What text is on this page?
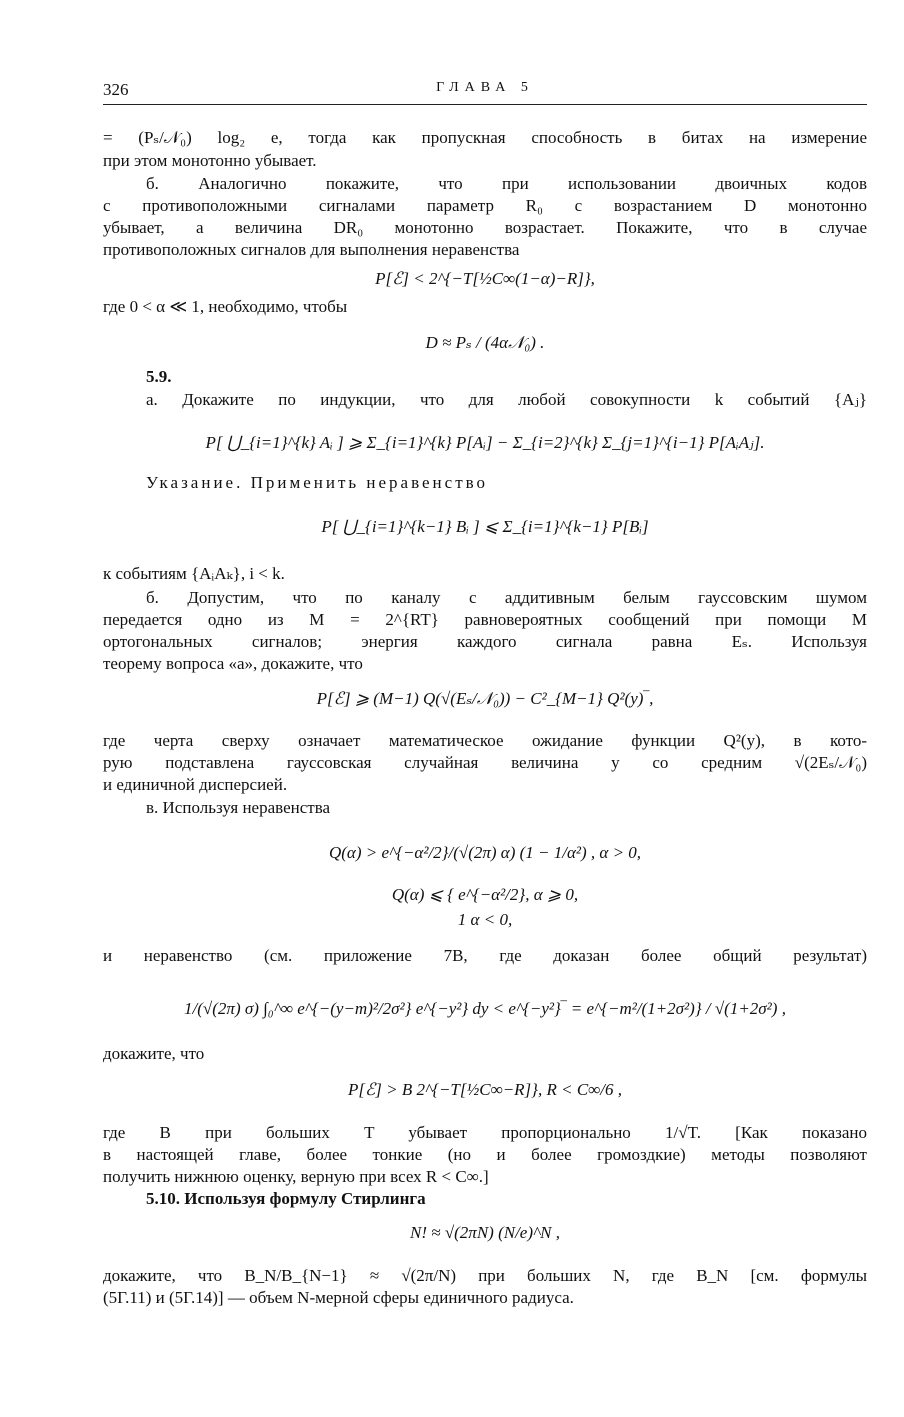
326	ГЛАВА 5
= (Pₛ/𝒩₀) log₂ e, тогда как пропускная способность в битах на измерение
при этом монотонно убывает.
б. Аналогично покажите, что при использовании двоичных кодов
с противоположными сигналами параметр R₀ с возрастанием D монотонно
убывает, а величина DR₀ монотонно возрастает. Покажите, что в случае
противоположных сигналов для выполнения неравенства
P[ℰ] < 2^{−T[½C∞(1−α)−R]},
где 0 < α ≪ 1, необходимо, чтобы
D ≈ Pₛ / (4α𝒩₀) .
5.9.
а. Докажите по индукции, что для любой совокупности k событий {Aⱼ}
P[ ⋃_{i=1}^{k} Aᵢ ] ⩾ Σ_{i=1}^{k} P[Aᵢ] − Σ_{i=2}^{k} Σ_{j=1}^{i−1} P[AᵢAⱼ].
Указание. Применить неравенство
P[ ⋃_{i=1}^{k−1} Bᵢ ] ⩽ Σ_{i=1}^{k−1} P[Bᵢ]
к событиям {AᵢAₖ}, i < k.
б. Допустим, что по каналу с аддитивным белым гауссовским шумом
передается одно из M = 2^{RT} равновероятных сообщений при помощи M
ортогональных сигналов; энергия каждого сигнала равна Eₛ. Используя
теорему вопроса «а», докажите, что
P[ℰ] ⩾ (M−1) Q(√(Eₛ/𝒩₀)) − C²_{M−1} Q²(y)‾,
где черта сверху означает математическое ожидание функции Q²(y), в кото-
рую подставлена гауссовская случайная величина y со средним √(2Eₛ/𝒩₀)
и единичной дисперсией.
в. Используя неравенства
Q(α) > e^{−α²/2}/(√(2π) α) (1 − 1/α²) , α > 0,
Q(α) ⩽ { e^{−α²/2}, α ⩾ 0,
1 α < 0,
и неравенство (см. приложение 7В, где доказан более общий результат)
1/(√(2π) σ) ∫₀^∞ e^{−(y−m)²/2σ²} e^{−y²} dy < e^{−y²}‾ = e^{−m²/(1+2σ²)} / √(1+2σ²) ,
докажите, что
P[ℰ] > B 2^{−T[½C∞−R]}, R < C∞/6 ,
где B при больших T убывает пропорционально 1/√T. [Как показано
в настоящей главе, более тонкие (но и более громоздкие) методы позволяют
получить нижнюю оценку, верную при всех R < C∞.]
5.10. Используя формулу Стирлинга
N! ≈ √(2πN) (N/e)^N ,
докажите, что B_N/B_{N−1} ≈ √(2π/N) при больших N, где B_N [см. формулы
(5Г.11) и (5Г.14)] — объем N-мерной сферы единичного радиуса.
